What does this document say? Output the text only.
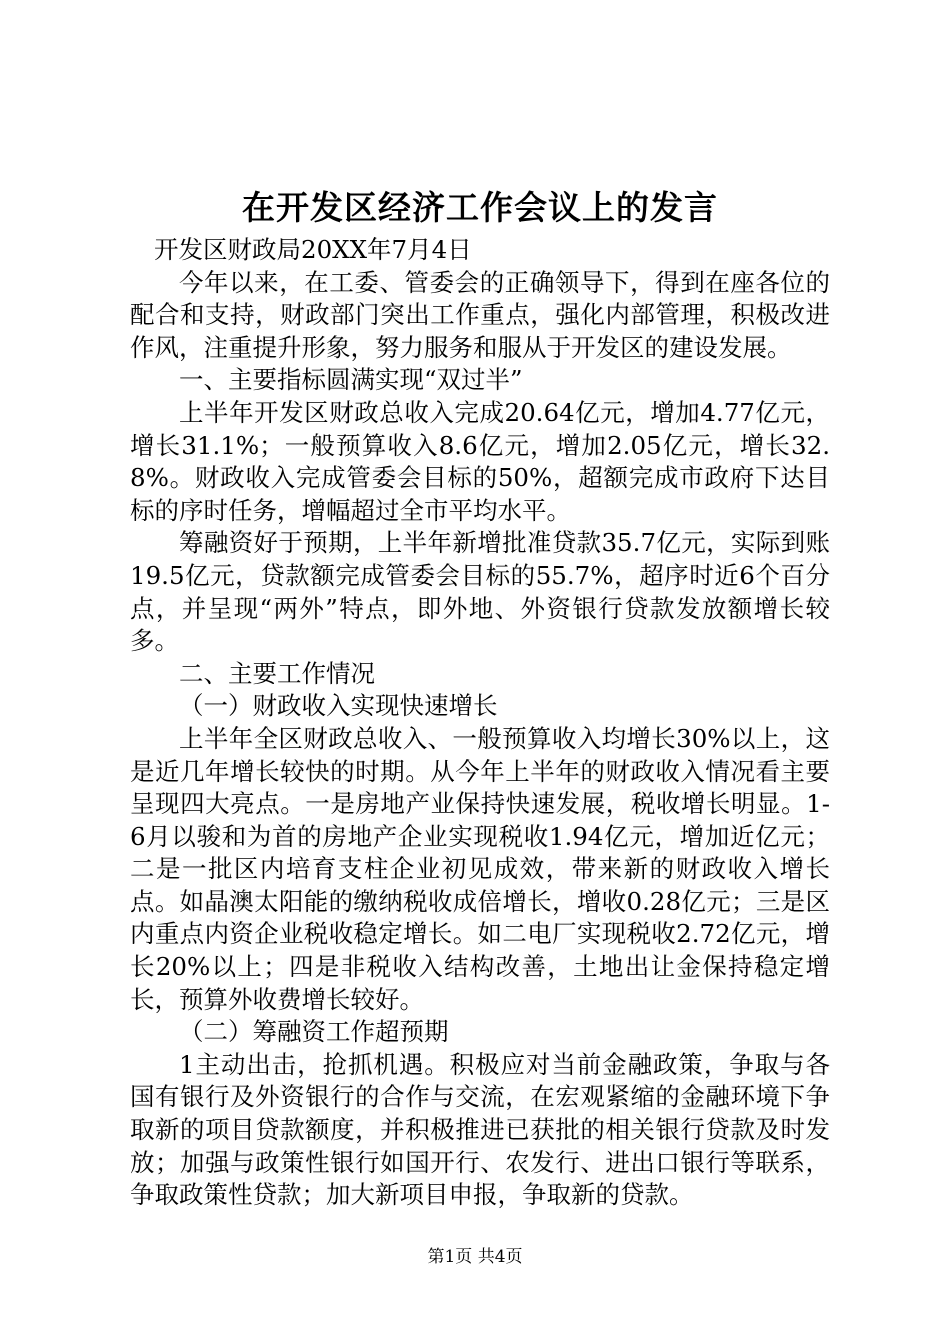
在开发区经济工作会议上的发言

开发区财政局20XX年7月4日

今年以来，在工委、管委会的正确领导下，得到在座各位的配合和支持，财政部门突出工作重点，强化内部管理，积极改进作风，注重提升形象，努力服务和服从于开发区的建设发展。

一、主要指标圆满实现“双过半”

上半年开发区财政总收入完成20.64亿元，增加4.77亿元，增长31.1%；一般预算收入8.6亿元，增加2.05亿元，增长32.8%。财政收入完成管委会目标的50%，超额完成市政府下达目标的序时任务，增幅超过全市平均水平。

筹融资好于预期，上半年新增批准贷款35.7亿元，实际到账19.5亿元，贷款额完成管委会目标的55.7%，超序时近6个百分点，并呈现“两外”特点，即外地、外资银行贷款发放额增长较多。

二、主要工作情况

（一）财政收入实现快速增长

上半年全区财政总收入、一般预算收入均增长30%以上，这是近几年增长较快的时期。从今年上半年的财政收入情况看主要呈现四大亮点。一是房地产业保持快速发展，税收增长明显。1-6月以骏和为首的房地产企业实现税收1.94亿元，增加近亿元；二是一批区内培育支柱企业初见成效，带来新的财政收入增长点。如晶澳太阳能的缴纳税收成倍增长，增收0.28亿元；三是区内重点内资企业税收稳定增长。如二电厂实现税收2.72亿元，增长20%以上；四是非税收入结构改善，土地出让金保持稳定增长，预算外收费增长较好。

（二）筹融资工作超预期

1主动出击，抢抓机遇。积极应对当前金融政策，争取与各国有银行及外资银行的合作与交流，在宏观紧缩的金融环境下争取新的项目贷款额度，并积极推进已获批的相关银行贷款及时发放；加强与政策性银行如国开行、农发行、进出口银行等联系，争取政策性贷款；加大新项目申报，争取新的贷款。

第1页 共4页
